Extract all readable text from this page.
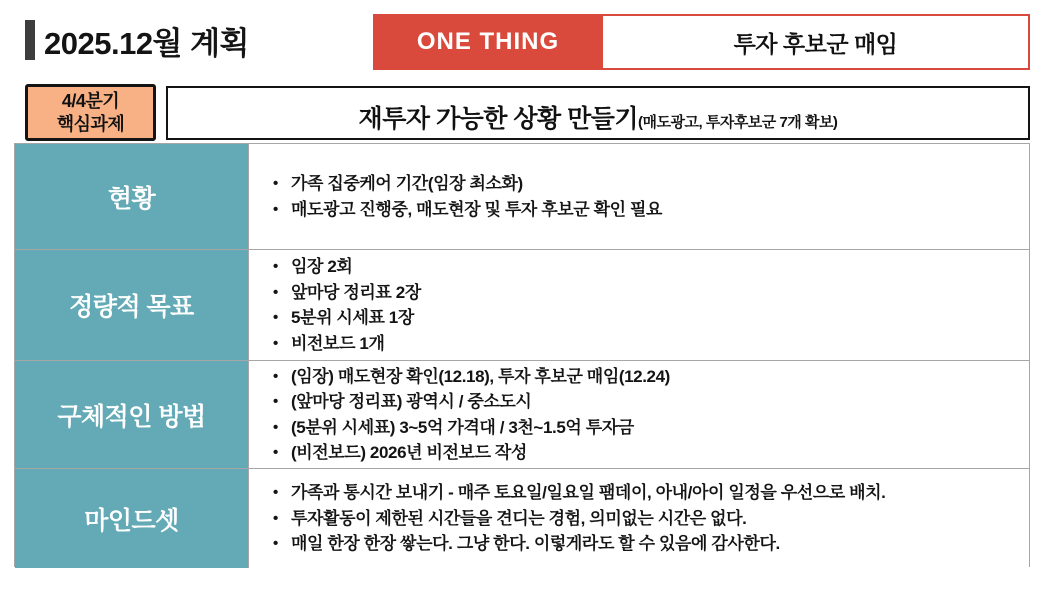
2025.12월 계획	ONE THING	투자 후보군 매임
4/4분기
핵심과제	재투자 가능한 상황 만들기 (매도광고, 투자후보군 7개 확보)
현황
• 가족 집중케어 기간(임장 최소화)
• 매도광고 진행중, 매도현장 및 투자 후보군 확인 필요
정량적 목표
• 임장 2회
• 앞마당 정리표 2장
• 5분위 시세표 1장
• 비전보드 1개
구체적인 방법
• (임장) 매도현장 확인(12.18), 투자 후보군 매임(12.24)
• (앞마당 정리표) 광역시 / 중소도시
• (5분위 시세표) 3~5억 가격대 / 3천~1.5억 투자금
• (비전보드) 2026년 비전보드 작성
마인드셋
• 가족과 통시간 보내기 - 매주 토요일/일요일 팸데이, 아내/아이 일정을 우선으로 배치.
• 투자활동이 제한된 시간들을 견디는 경험, 의미없는 시간은 없다.
• 매일 한장 한장 쌓는다. 그냥 한다. 이렇게라도 할 수 있음에 감사한다.
